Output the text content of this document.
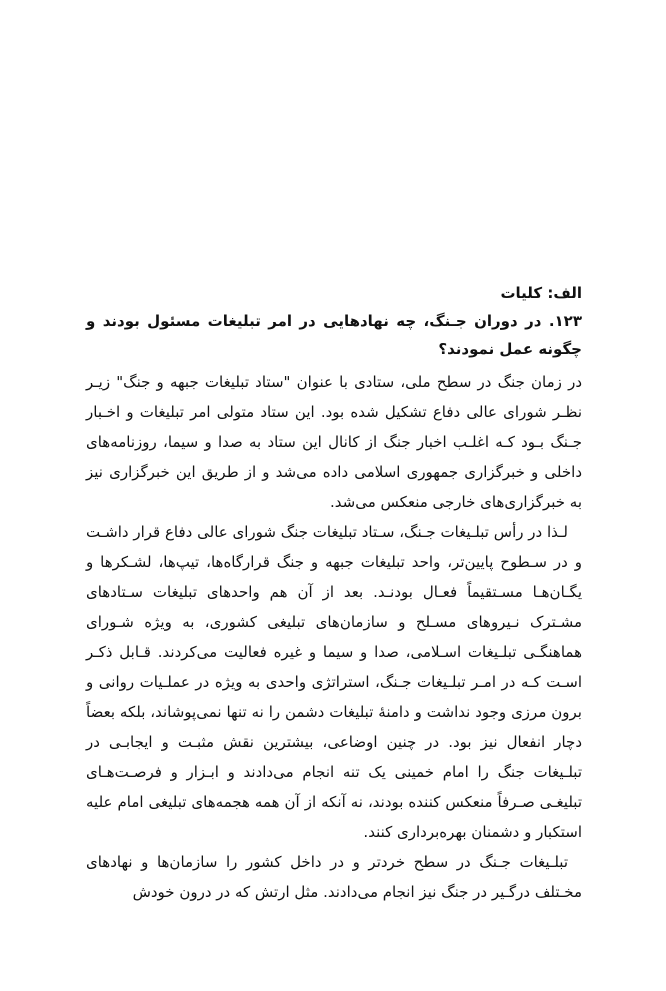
الف: کلیات

۱۲۳. در دوران جـنگ، چه نهادهایی در امر تبلیغات مسئول بودند و چگونه عمل نمودند؟

در زمان جنگ در سطح ملی، ستادی با عنوان "ستاد تبلیغات جبهه و جنگ" زیـر نظـر شورای عالی دفاع تشکیل شده بود. این ستاد متولی امر تبلیغات و اخـبار جـنگ بـود کـه اغلـب اخبار جنگ از کانال این ستاد به صدا و سیما، روزنامه‌های داخلی و خبرگزاری جمهوری اسلامی داده می‌شد و از طریق این خبرگزاری نیز به خبرگزاری‌های خارجی منعکس می‌شد.

لـذا در رأس تبلـیغات جـنگ، سـتاد تبلیغات جنگ شورای عالی دفاع قرار داشـت و در سـطوح پایین‌تر، واحد تبلیغات جبهه و جنگ قرارگاه‌ها، تیپ‌ها، لشـکرها و یگـان‌هـا مسـتقیماً فعـال بودنـد. بعد از آن هم واحدهای تبلیغات سـتادهای مشـترک نـیروهای مسـلح و سازمان‌های تبلیغی کشوری، به ویژه شـورای هماهنگـی تبلـیغات اسـلامی، صدا و سیما و غیره فعالیت می‌کردند. قـابل ذکـر اسـت کـه در امـر تبلـیغات جـنگ، استراتژی واحدی به ویژه در عملـیات روانی و برون مرزی وجود نداشت و دامنهٔ تبلیغات دشمن را نه تنها نمی‌پوشاند، بلکه بعضاً دچار انفعال نیز بود. در چنین اوضاعی، بیشترین نقش مثبـت و ایجابـی در تبلـیغات جنگ را امام خمینی یک تنه انجام می‌دادند و ابـزار و فرصـت‌هـای تبلیغـی صـرفاً منعکس کننده بودند، نه آنکه از آن همه هجمه‌های تبلیغی امام علیه استکبار و دشمنان بهره‌برداری کنند.

تبلـیغات جـنگ در سطح خردتر و در داخل کشور را سازمان‌ها و نهادهای مخـتلف درگـیر در جنگ نیز انجام می‌دادند. مثل ارتش که در درون خودش
